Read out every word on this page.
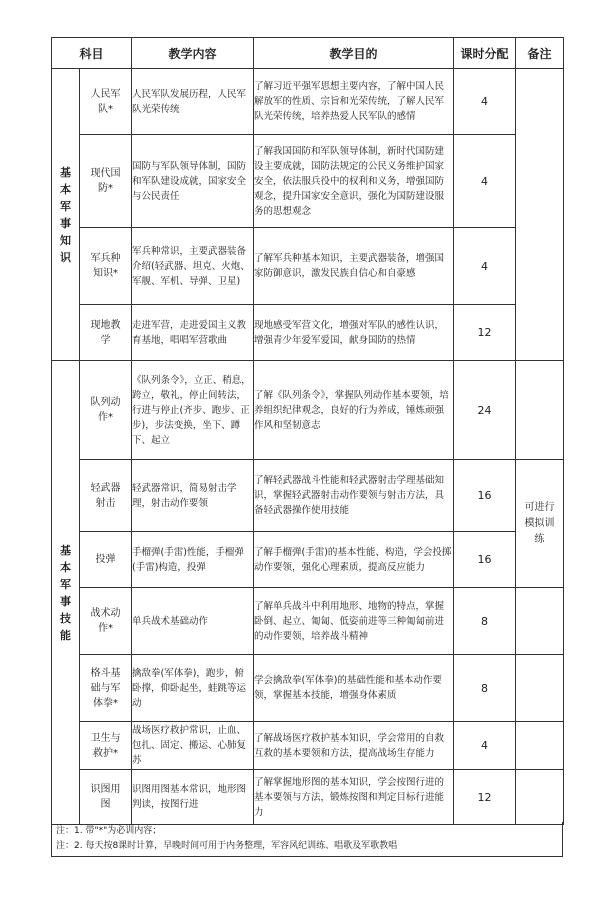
科目		教学内容	教学目的	课时分配	备注
基本军事知识	人民军队*	人民军队发展历程，人民军队光荣传统	了解习近平强军思想主要内容，了解中国人民解放军的性质、宗旨和光荣传统，了解人民军队光荣传统，培养热爱人民军队的感情	4	
	现代国防*	国防与军队领导体制，国防和军队建设成就，国家安全与公民责任	了解我国国防和军队领导体制，新时代国防建设主要成就，国防法规定的公民义务维护国家安全，依法服兵役中的权利和义务，增强国防观念，提升国家安全意识，强化为国防建设服务的思想观念	4	
	军兵种知识*	军兵种常识，主要武器装备介绍(轻武器、坦克、火炮、军舰、军机、导弹、卫星)	了解军兵种基本知识，主要武器装备，增强国家防御意识，激发民族自信心和自豪感	4	
	现地教学	走进军营，走进爱国主义教育基地，唱唱军营歌曲	现地感受军营文化，增强对军队的感性认识，增强青少年爱军爱国，献身国防的热情	12	
基本军事技能	队列动作*	《队列条令》，立正、稍息，跨立，敬礼，停止间转法，行进与停止(齐步、跑步、正步)，步法变换，坐下、蹲下、起立	了解《队列条令》，掌握队列动作基本要领，培养组织纪律观念，良好的行为养成，锤炼顽强作风和坚韧意志	24	
	轻武器射击	轻武器常识，简易射击学理，射击动作要领	了解轻武器战斗性能和轻武器射击学理基础知识，掌握轻武器射击动作要领与射击方法，具备轻武器操作使用技能	16	可进行模拟训练
	投弹	手榴弹(手雷)性能，手榴弹(手雷)构造，投弹	了解手榴弹(手雷)的基本性能、构造，学会投掷动作要领，强化心理素质，提高反应能力	16	
	战术动作*	单兵战术基础动作	了解单兵战斗中利用地形、地物的特点，掌握卧倒、起立、匍匐、低姿前进等三种匍匐前进的动作要领，培养战斗精神	8	
	格斗基础与军体拳*	擒敌拳(军体拳)，跑步，俯卧撑，仰卧起坐，蛙跳等运动	学会擒敌拳(军体拳)的基础性能和基本动作要领，掌握基本技能，增强身体素质	8	
	卫生与救护*	战场医疗救护常识，止血、包扎、固定、搬运、心肺复苏	了解战场医疗救护基本知识，学会常用的自救互救的基本要领和方法，提高战场生存能力	4	
	识图用图	识图用图基本常识，地形图判读，按图行进	了解掌握地形图的基本知识，学会按图行进的基本要领与方法，锻炼按图和判定目标行进能力	12	
注：1. 带"*"为必训内容；
注：2. 每天按8课时计算，早晚时间可用于内务整理，军容风纪训练、唱歌及军歌教唱
